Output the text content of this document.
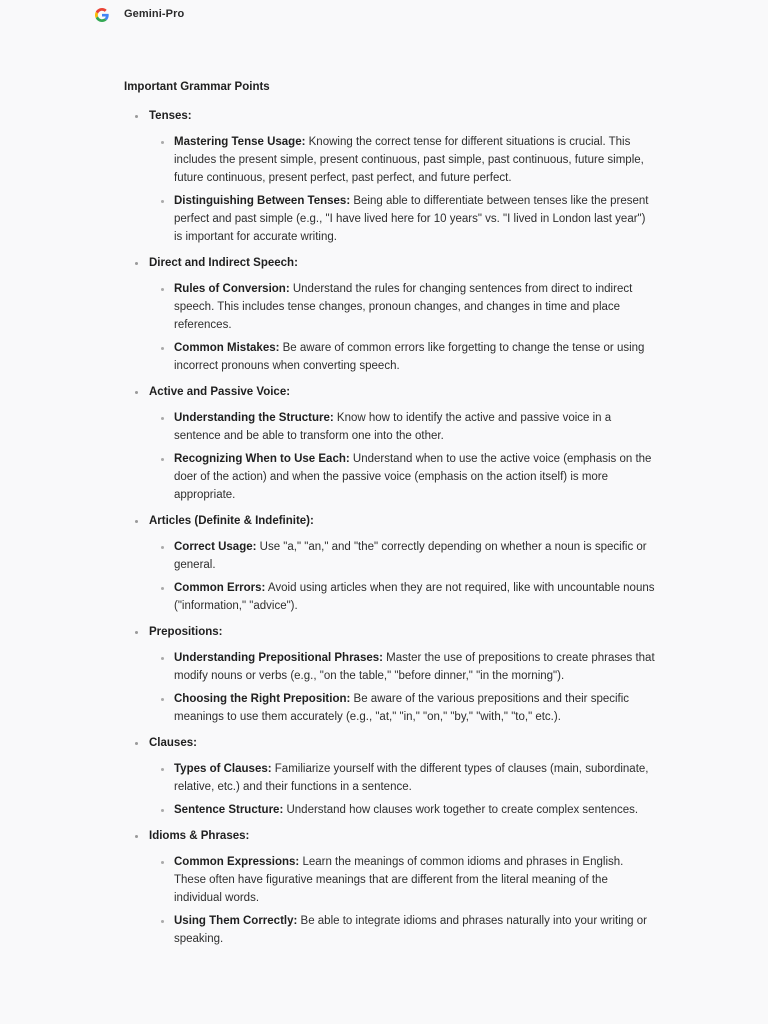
Gemini-Pro
Important Grammar Points
Tenses:
Mastering Tense Usage: Knowing the correct tense for different situations is crucial. This includes the present simple, present continuous, past simple, past continuous, future simple, future continuous, present perfect, past perfect, and future perfect.
Distinguishing Between Tenses: Being able to differentiate between tenses like the present perfect and past simple (e.g., "I have lived here for 10 years" vs. "I lived in London last year") is important for accurate writing.
Direct and Indirect Speech:
Rules of Conversion: Understand the rules for changing sentences from direct to indirect speech. This includes tense changes, pronoun changes, and changes in time and place references.
Common Mistakes: Be aware of common errors like forgetting to change the tense or using incorrect pronouns when converting speech.
Active and Passive Voice:
Understanding the Structure: Know how to identify the active and passive voice in a sentence and be able to transform one into the other.
Recognizing When to Use Each: Understand when to use the active voice (emphasis on the doer of the action) and when the passive voice (emphasis on the action itself) is more appropriate.
Articles (Definite & Indefinite):
Correct Usage: Use "a," "an," and "the" correctly depending on whether a noun is specific or general.
Common Errors: Avoid using articles when they are not required, like with uncountable nouns ("information," "advice").
Prepositions:
Understanding Prepositional Phrases: Master the use of prepositions to create phrases that modify nouns or verbs (e.g., "on the table," "before dinner," "in the morning").
Choosing the Right Preposition: Be aware of the various prepositions and their specific meanings to use them accurately (e.g., "at," "in," "on," "by," "with," "to," etc.).
Clauses:
Types of Clauses: Familiarize yourself with the different types of clauses (main, subordinate, relative, etc.) and their functions in a sentence.
Sentence Structure: Understand how clauses work together to create complex sentences.
Idioms & Phrases:
Common Expressions: Learn the meanings of common idioms and phrases in English. These often have figurative meanings that are different from the literal meaning of the individual words.
Using Them Correctly: Be able to integrate idioms and phrases naturally into your writing or speaking.
